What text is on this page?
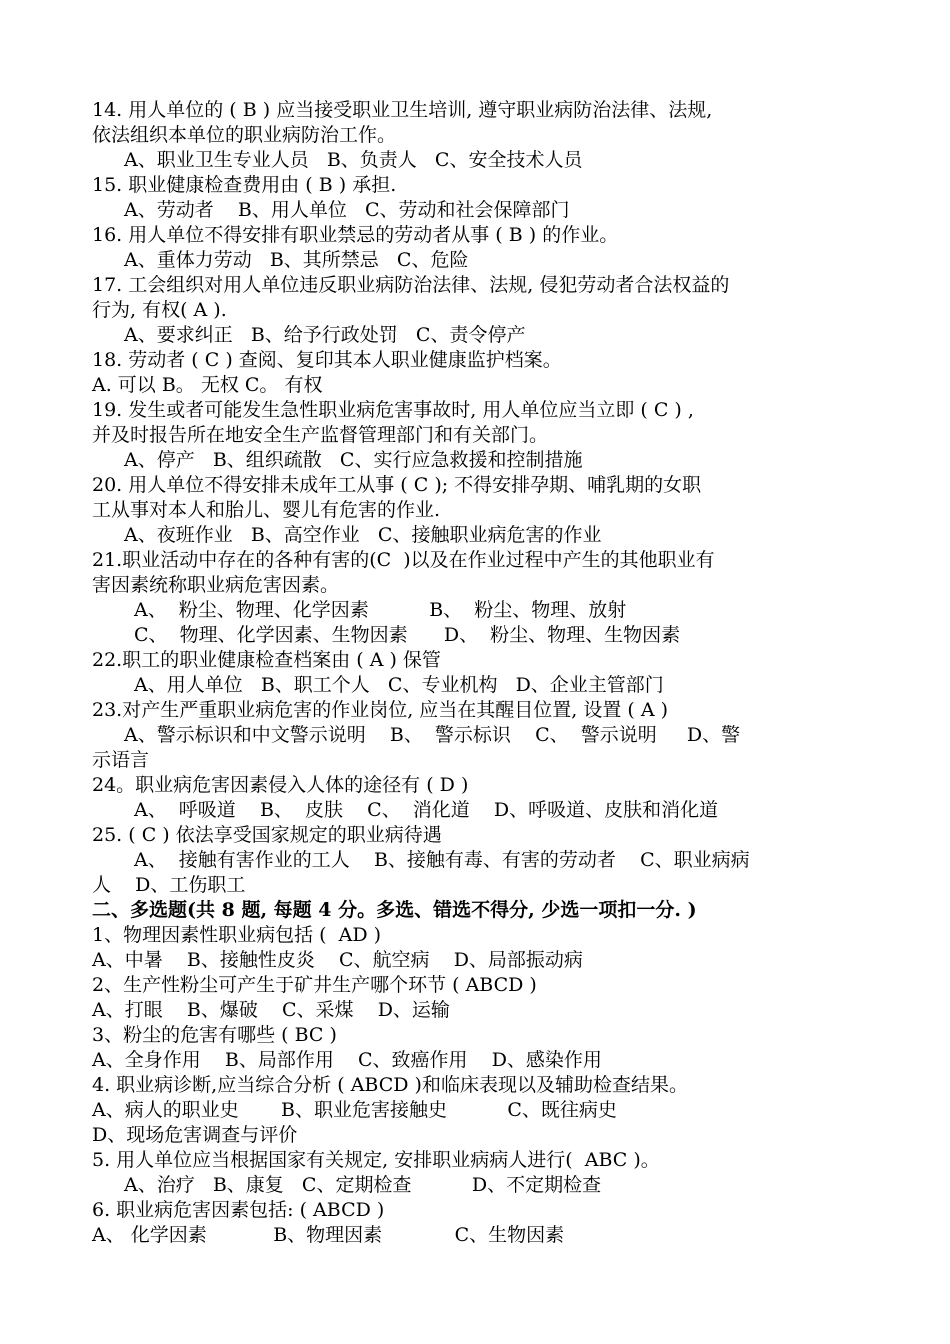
14. 用人单位的 ( B ) 应当接受职业卫生培训, 遵守职业病防治法律、法规,
依法组织本单位的职业病防治工作。
A、职业卫生专业人员   B、负责人   C、安全技术人员
15. 职业健康检查费用由 ( B ) 承担.
A、劳动者    B、用人单位   C、劳动和社会保障部门
16. 用人单位不得安排有职业禁忌的劳动者从事 ( B ) 的作业。
A、重体力劳动   B、其所禁忌   C、危险
17. 工会组织对用人单位违反职业病防治法律、法规, 侵犯劳动者合法权益的
行为, 有权( A ).
A、要求纠正   B、给予行政处罚   C、责令停产
18. 劳动者 ( C ) 查阅、复印其本人职业健康监护档案。
A. 可以 B。 无权 C。 有权
19. 发生或者可能发生急性职业病危害事故时, 用人单位应当立即 ( C ) ,
并及时报告所在地安全生产监督管理部门和有关部门。
A、停产   B、组织疏散   C、实行应急救援和控制措施
20. 用人单位不得安排未成年工从事 ( C ); 不得安排孕期、哺乳期的女职
工从事对本人和胎儿、婴儿有危害的作业.
A、夜班作业   B、高空作业   C、接触职业病危害的作业
21.职业活动中存在的各种有害的(C  )以及在作业过程中产生的其他职业有
害因素统称职业病危害因素。
A、  粉尘、物理、化学因素          B、  粉尘、物理、放射
C、  物理、化学因素、生物因素      D、  粉尘、物理、生物因素
22.职工的职业健康检查档案由 ( A ) 保管
A、用人单位   B、职工个人   C、专业机构   D、企业主管部门
23.对产生严重职业病危害的作业岗位, 应当在其醒目位置, 设置 ( A )
A、警示标识和中文警示说明    B、  警示标识    C、  警示说明     D、警
示语言
24。职业病危害因素侵入人体的途径有 ( D )
A、  呼吸道    B、  皮肤    C、  消化道    D、呼吸道、皮肤和消化道
25. ( C ) 依法享受国家规定的职业病待遇
A、  接触有害作业的工人    B、接触有毒、有害的劳动者    C、职业病病
人    D、工伤职工
二、多选题(共 8 题, 每题 4 分。多选、错选不得分, 少选一项扣一分. )
1、物理因素性职业病包括 (  AD )
A、中暑    B、接触性皮炎    C、航空病    D、局部振动病
2、生产性粉尘可产生于矿井生产哪个环节 ( ABCD )
A、打眼    B、爆破    C、采煤    D、运输
3、粉尘的危害有哪些 ( BC )
A、全身作用    B、局部作用    C、致癌作用    D、感染作用
4. 职业病诊断,应当综合分析 ( ABCD )和临床表现以及辅助检查结果。
A、病人的职业史       B、职业危害接触史          C、既往病史
D、现场危害调查与评价
5. 用人单位应当根据国家有关规定, 安排职业病病人进行(  ABC )。
A、治疗   B、康复   C、定期检查          D、不定期检查
6. 职业病危害因素包括: ( ABCD )
A、 化学因素           B、物理因素            C、生物因素
